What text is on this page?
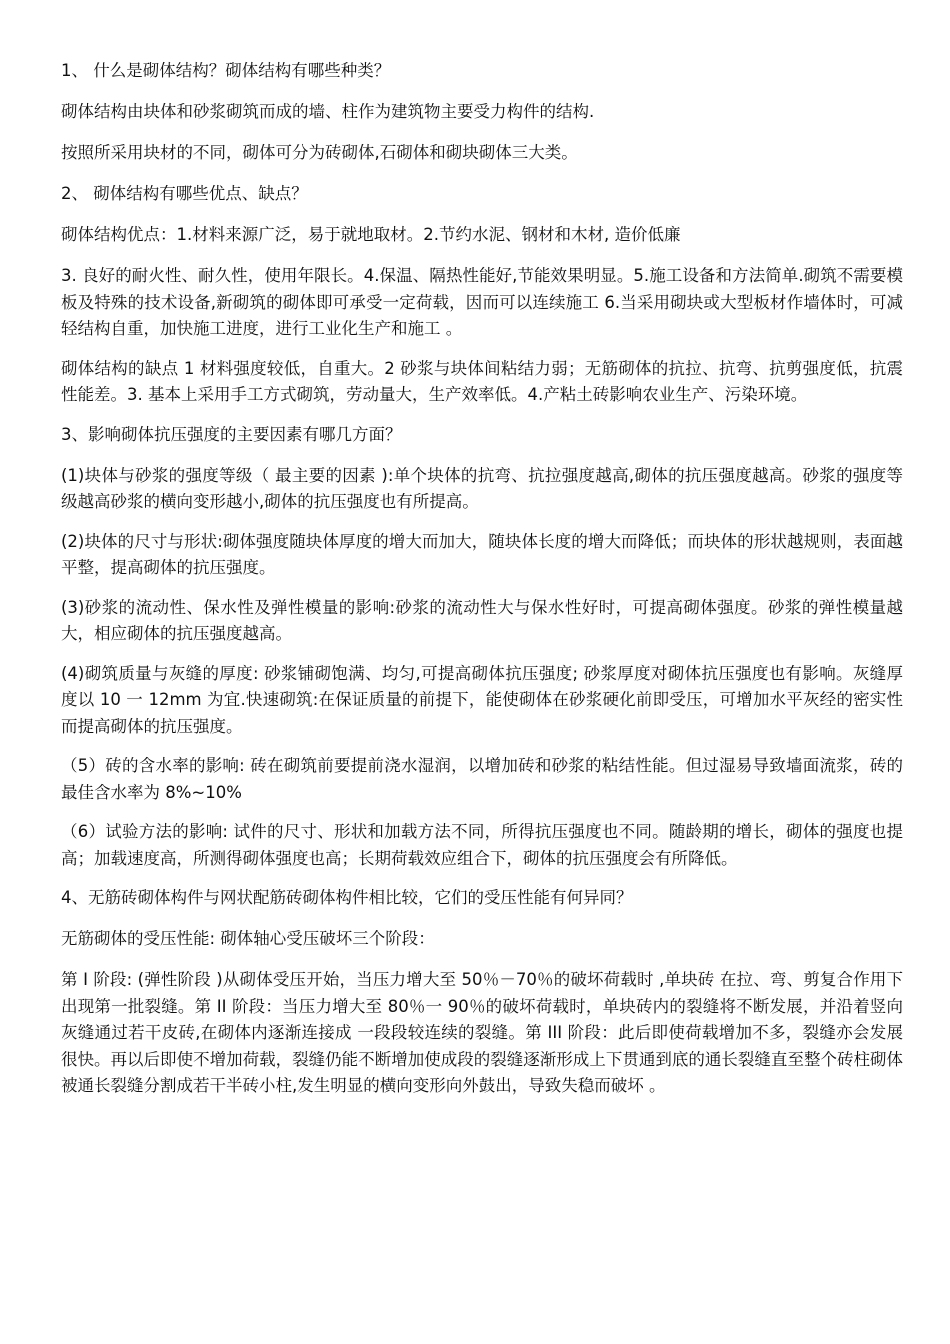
1、 什么是砌体结构？砌体结构有哪些种类？

砌体结构由块体和砂浆砌筑而成的墙、柱作为建筑物主要受力构件的结构.

按照所采用块材的不同，砌体可分为砖砌体,石砌体和砌块砌体三大类。

2、 砌体结构有哪些优点、缺点？

砌体结构优点：1.材料来源广泛，易于就地取材。2.节约水泥、钢材和木材, 造价低廉

3. 良好的耐火性、耐久性，使用年限长。4.保温、隔热性能好,节能效果明显。5.施工设备和方法简单.砌筑不需要模板及特殊的技术设备,新砌筑的砌体即可承受一定荷载，因而可以连续施工 6.当采用砌块或大型板材作墙体时，可减轻结构自重，加快施工进度，进行工业化生产和施工 。

砌体结构的缺点 1 材料强度较低，自重大。2 砂浆与块体间粘结力弱；无筋砌体的抗拉、抗弯、抗剪强度低，抗震性能差。3. 基本上采用手工方式砌筑，劳动量大，生产效率低。4.产粘土砖影响农业生产、污染环境。

3、影响砌体抗压强度的主要因素有哪几方面？

(1)块体与砂浆的强度等级（ 最主要的因素 ):单个块体的抗弯、抗拉强度越高,砌体的抗压强度越高。砂浆的强度等级越高砂浆的横向变形越小,砌体的抗压强度也有所提高。

(2)块体的尺寸与形状:砌体强度随块体厚度的增大而加大，随块体长度的增大而降低；而块体的形状越规则，表面越平整，提高砌体的抗压强度。

(3)砂浆的流动性、保水性及弹性模量的影响:砂浆的流动性大与保水性好时，可提高砌体强度。砂浆的弹性模量越大，相应砌体的抗压强度越高。

(4)砌筑质量与灰缝的厚度: 砂浆铺砌饱满、均匀,可提高砌体抗压强度; 砂浆厚度对砌体抗压强度也有影响。灰缝厚度以 10 一 12mm 为宜.快速砌筑:在保证质量的前提下，能使砌体在砂浆硬化前即受压，可增加水平灰经的密实性而提高砌体的抗压强度。

（5）砖的含水率的影响: 砖在砌筑前要提前浇水湿润，以增加砖和砂浆的粘结性能。但过湿易导致墙面流浆，砖的最佳含水率为 8%~10%

（6）试验方法的影响: 试件的尺寸、形状和加载方法不同，所得抗压强度也不同。随龄期的增长，砌体的强度也提高；加载速度高，所测得砌体强度也高；长期荷载效应组合下，砌体的抗压强度会有所降低。

4、无筋砖砌体构件与网状配筋砖砌体构件相比较，它们的受压性能有何异同？

无筋砌体的受压性能: 砌体轴心受压破坏三个阶段：

第 I 阶段: (弹性阶段 )从砌体受压开始，当压力增大至 50％－70％的破坏荷载时 ,单块砖 在拉、弯、剪复合作用下出现第一批裂缝。第 II 阶段：当压力增大至 80％一 90％的破坏荷载时，单块砖内的裂缝将不断发展，并沿着竖向灰缝通过若干皮砖,在砌体内逐渐连接成 一段段较连续的裂缝。第 III 阶段：此后即使荷载增加不多，裂缝亦会发展很快。再以后即使不增加荷载，裂缝仍能不断增加使成段的裂缝逐渐形成上下贯通到底的通长裂缝直至整个砖柱砌体被通长裂缝分割成若干半砖小柱,发生明显的横向变形向外鼓出，导致失稳而破坏 。
